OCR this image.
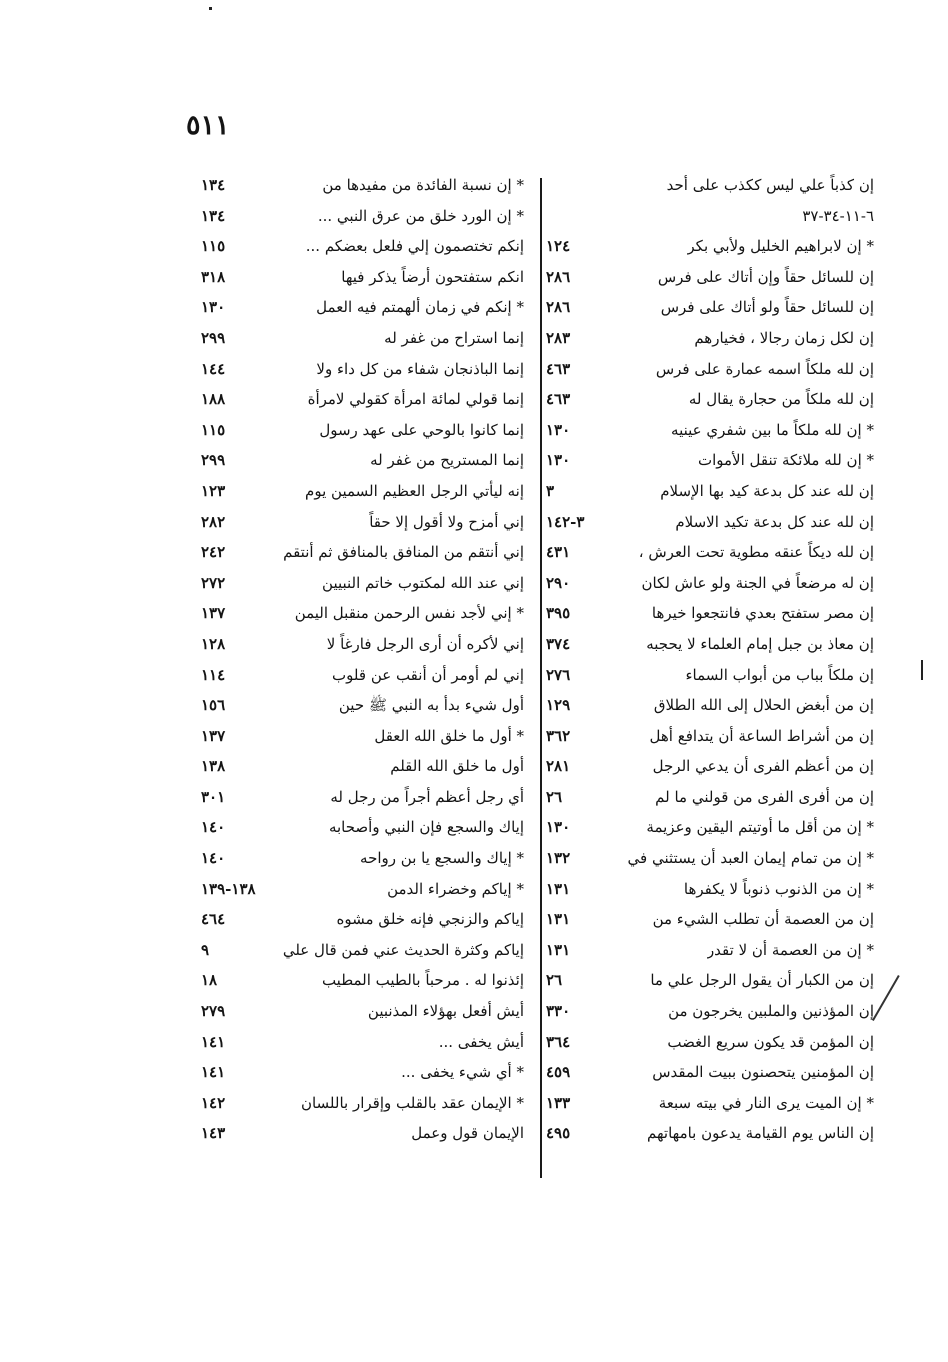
٥١١
إن كذباً علي ليس ككذب على أحد
٦-١١-٣٤-٣٧
* إن لابراهيم الخليل ولأبي بكر
١٢٤
إن للسائل حقاً وإن أتاك على فرس
٢٨٦
إن للسائل حقاً ولو أتاك على فرس
٢٨٦
إن لكل زمان رجالا ، فخيارهم
٢٨٣
إن لله ملكاً اسمه عمارة على فرس
٤٦٣
إن لله ملكاً من حجارة يقال له
٤٦٣
* إن لله ملكاً ما بين شفري عينيه
١٣٠
* إن لله ملائكة تنقل الأموات
١٣٠
إن لله عند كل بدعة كيد بها الإسلام
٣
إن لله عند كل بدعة تكيد الاسلام
٣-١٤٢
إن لله ديكاً عنقه مطوية تحت العرش ،
٤٣١
إن له مرضعاً في الجنة ولو عاش لكان
٢٩٠
إن مصر ستفتح بعدي فانتجعوا خيرها
٣٩٥
إن معاذ بن جبل إمام العلماء لا يحجبه
٣٧٤
إن ملكاً بباب من أبواب السماء
٢٧٦
إن من أبغض الحلال إلى الله الطلاق
١٢٩
إن من أشراط الساعة أن يتدافع أهل
٣٦٢
إن من أعظم الفرى أن يدعي الرجل
٢٨١
إن من أفرى الفرى من قولني ما لم
٢٦
* إن من أقل ما أوتيتم اليقين وعزيمة
١٣٠
* إن من تمام إيمان العبد أن يستثني في
١٣٢
* إن من الذنوب ذنوباً لا يكفرها
١٣١
إن من العصمة أن تطلب الشيء من
١٣١
* إن من العصمة أن لا تقدر
١٣١
إن من الكبار أن يقول الرجل علي ما
٢٦
إن المؤذنين والملبين يخرجون من
٣٣٠
إن المؤمن قد يكون سريع الغضب
٣٦٤
إن المؤمنين يتحصنون ببيت المقدس
٤٥٩
* إن الميت يرى النار في بيته سبعة
١٣٣
إن الناس يوم القيامة يدعون بامهاتهم
٤٩٥
* إن نسبة الفائدة من مفيدها من
١٣٤
* إن الورد خلق من عرق النبي ...
١٣٤
إنكم تختصمون إلي فلعل بعضكم ...
١١٥
انكم ستفتحون أرضاً يذكر فيها
٣١٨
* إنكم في زمان ألهمتم فيه العمل
١٣٠
إنما استراح من غفر له
٢٩٩
إنما الباذنجان شفاء من كل داء ولا
١٤٤
إنما قولي لمائة امرأة كقولي لامرأة
١٨٨
إنما كانوا بالوحي على عهد رسول
١١٥
إنما المستريح من غفر له
٢٩٩
إنه ليأتي الرجل العظيم السمين يوم
١٢٣
إني أمزح ولا أقول إلا حقاً
٢٨٢
إني أنتقم من المنافق بالمنافق ثم أنتقم
٢٤٢
إني عند الله لمكتوب خاتم النبيين
٢٧٢
* إني لأجد نفس الرحمن منقبل اليمن
١٣٧
إني لأكره أن أرى الرجل فارغاً لا
١٢٨
إني لم أومر أن أنقب عن قلوب
١١٤
أول شيء بدأ به النبي ﷺ حين
١٥٦
* أول ما خلق الله العقل
١٣٧
أول ما خلق الله القلم
١٣٨
أي رجل أعظم أجراً من رجل له
٣٠١
إياك والسجع فإن النبي وأصحابه
١٤٠
* إياك والسجع يا بن رواحه
١٤٠
* إياكم وخضراء الدمن
١٣٨-١٣٩
إياكم والزنجي فإنه خلق مشوه
٤٦٤
إياكم وكثرة الحديث عني فمن قال علي
٩
إئذنوا له . مرحباً بالطيب المطيب
١٨
أيش أفعل بهؤلاء المذنبين
٢٧٩
أيش يخفى ...
١٤١
* أي شيء يخفى ...
١٤١
* الإيمان عقد بالقلب وإقرار باللسان
١٤٢
الإيمان قول وعمل
١٤٣
